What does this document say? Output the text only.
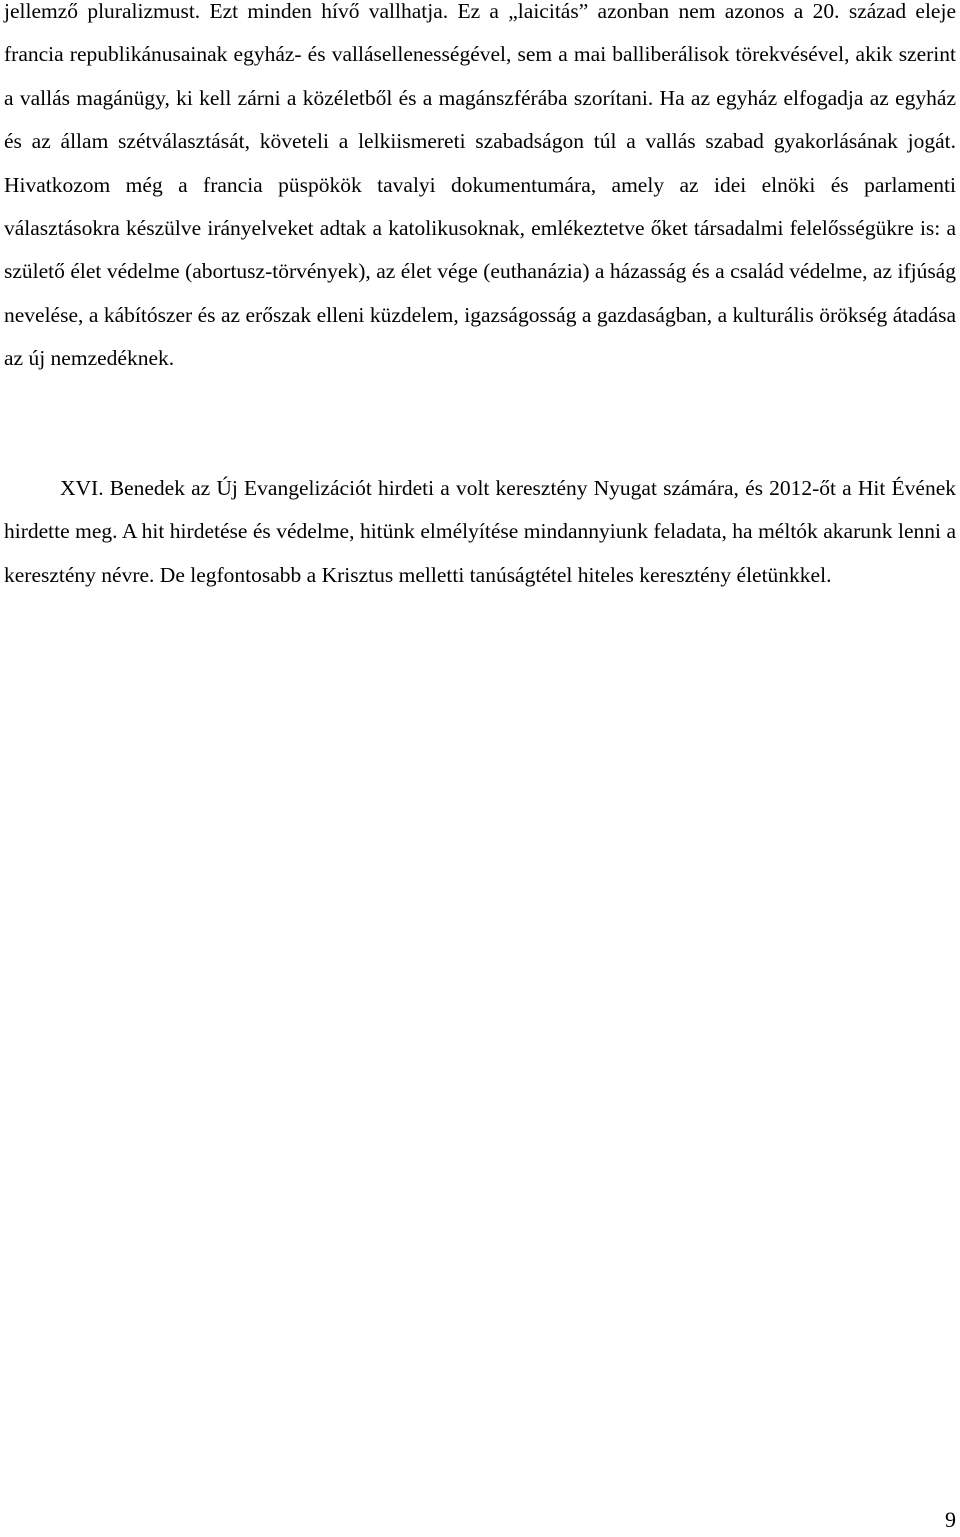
jellemző pluralizmust. Ezt minden hívő vallhatja. Ez a „laicitás” azonban nem azonos a 20. század eleje francia republikánusainak egyház- és vallásellenességével, sem a mai balliberálisok törekvésével, akik szerint a vallás magánügy, ki kell zárni a közéletből és a magánszférába szorítani. Ha az egyház elfogadja az egyház és az állam szétválasztását, követeli a lelkiismereti szabadságon túl a vallás szabad gyakorlásának jogát. Hivatkozom még a francia püspökök tavalyi dokumentumára, amely az idei elnöki és parlamenti választásokra készülve irányelveket adtak a katolikusoknak, emlékeztetve őket társadalmi felelősségükre is: a születő élet védelme (abortusz-törvények), az élet vége (euthanázia) a házasság és a család védelme, az ifjúság nevelése, a kábítószer és az erőszak elleni küzdelem, igazságosság a gazdaságban, a kulturális örökség átadása az új nemzedéknek.

XVI. Benedek az Új Evangelizációt hirdeti a volt keresztény Nyugat számára, és 2012-őt a Hit Évének hirdette meg. A hit hirdetése és védelme, hitünk elmélyítése mindannyiunk feladata, ha méltók akarunk lenni a keresztény névre. De legfontosabb a Krisztus melletti tanúságtétel hiteles keresztény életünkkel.

9
